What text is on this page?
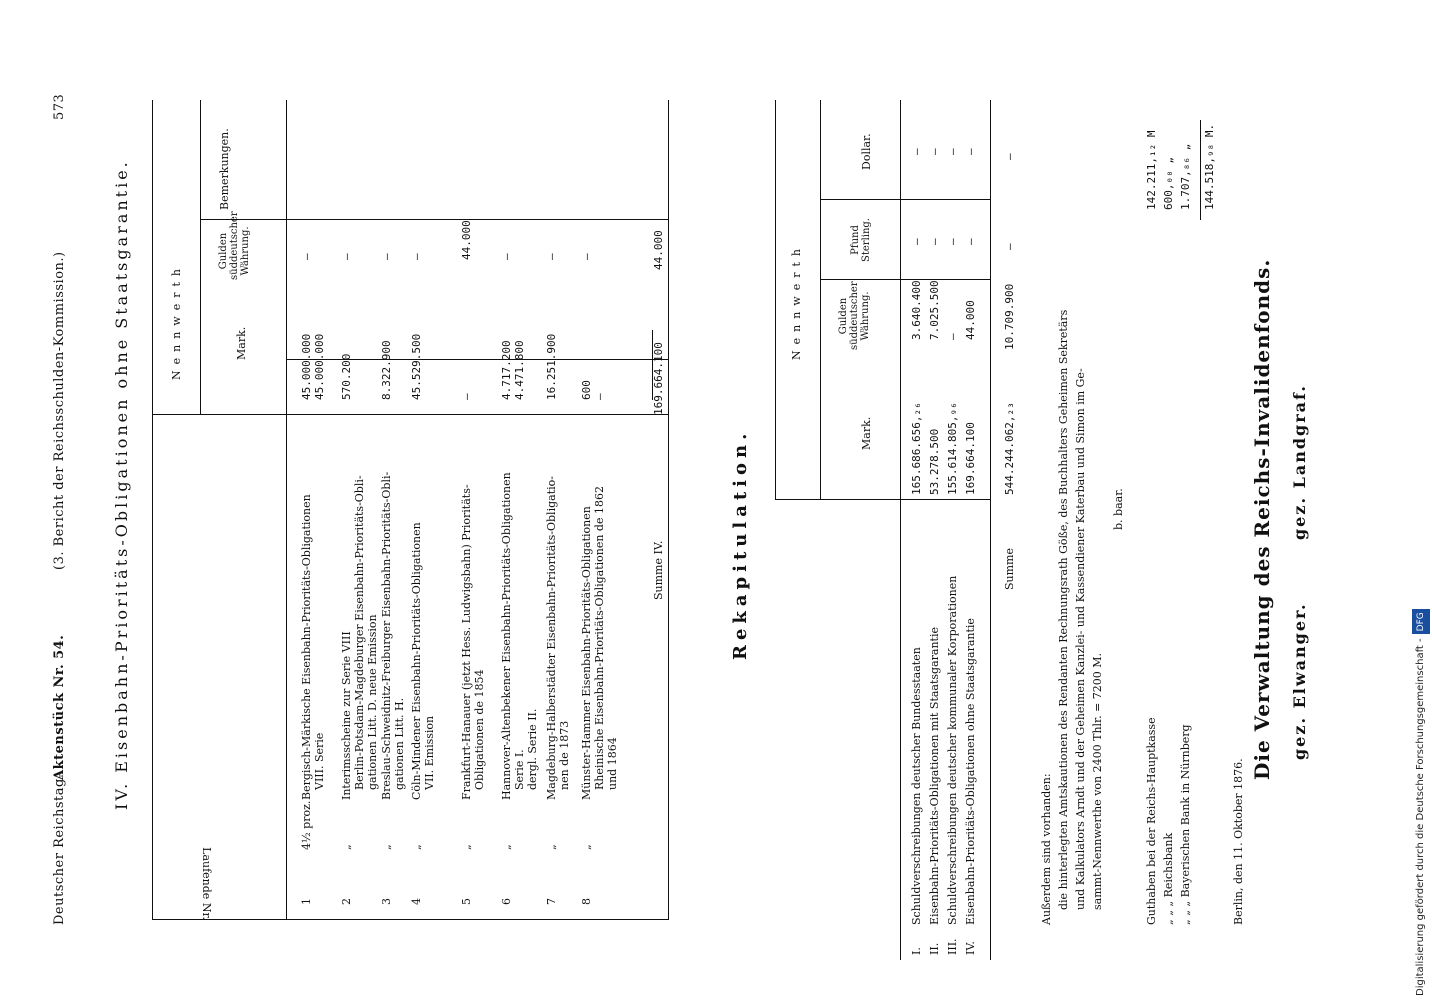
Deutscher Reichstag.
Aktenstück Nr. 54.
(3. Bericht der Reichsschulden-Kommission.)
573
IV. Eisenbahn-Prioritäts-Obligationen ohne Staatsgarantie.
Laufende Nr.
Nennwerth	Mark.
Gulden süddeutscher Währung.
Bemerkungen.
1
4½ proz.
Bergisch-Märkische Eisenbahn-Prioritäts-Obligationen VIII. Serie
45.000.000 45.000.000
—
2
„
Interimsscheine zur Serie VIII Berlin-Potsdam-Magdeburger Eisenbahn-Prioritäts-Obli- gationen Litt. D. neue Emission
570.200
—
3
„
Breslau-Schweidnitz-Freiburger Eisenbahn-Prioritäts-Obli- gationen Litt. H.
8.322.900
—
4
„
Cöln-Mindener Eisenbahn-Prioritäts-Obligationen VII. Emission
45.529.500
—
5
„
Frankfurt-Hanauer (jetzt Hess. Ludwigsbahn) Prioritäts- Obligationen de 1854
—
44.000
6
„
Hannover-Altenbekener Eisenbahn-Prioritäts-Obligationen Serie I. dergl. Serie II.
4.717.200 4.471.800
—
7
„
Magdeburg-Halberstädter Eisenbahn-Prioritäts-Obligatio- nen de 1873
16.251.900
—
8
„
Münster-Hammer Eisenbahn-Prioritäts-Obligationen Rheinische Eisenbahn-Prioritäts-Obligationen de 1862 und 1864
600 —
—
Summe IV.
169.664.100
44.000
Rekapitulation.
Nennwerth
Mark.
Gulden süddeutscher Währung.
Pfund Sterling.
Dollar.
I.
Schuldverschreibungen deutscher Bundesstaaten
165.686.656,₂₆
3.640.400
—
—
II.
Eisenbahn-Prioritäts-Obligationen mit Staatsgarantie
53.278.500
7.025.500
—
—
III.
Schuldverschreibungen deutscher kommunaler Korporationen
155.614.805,₉₆
—
—
—
IV.
Eisenbahn-Prioritäts-Obligationen ohne Staatsgarantie
169.664.100
44.000
—
—
Summe
544.244.062,₂₃
10.709.900
—
—
Außerdem sind vorhanden: die hinterlegten Amtskautionen des Rendanten Rechnungsrath Göße, des Buchhalters Geheimen Sekretärs und Kalkulators Arndt und der Geheimen Kanzlei- und Kassendiener Katerbau und Simon im Ge- sammt-Nennwerthe von 2400 Thlr. = 7200 M.
b. baar.
Guthaben bei der Reichs-Hauptkasse
142.211,₁₂ M
„ „ „ Reichsbank
600,₀₀ „
„ „ „ Bayerischen Bank in Nürnberg
1.707,₈₆ „ 144.518,₉₈ M.
Berlin, den 11. Oktober 1876.
Die Verwaltung des Reichs-Invalidenfonds. gez. Elwanger.
gez. Landgraf.
Digitalisierung gefördert durch die Deutsche Forschungsgemeinschaft -DFG
